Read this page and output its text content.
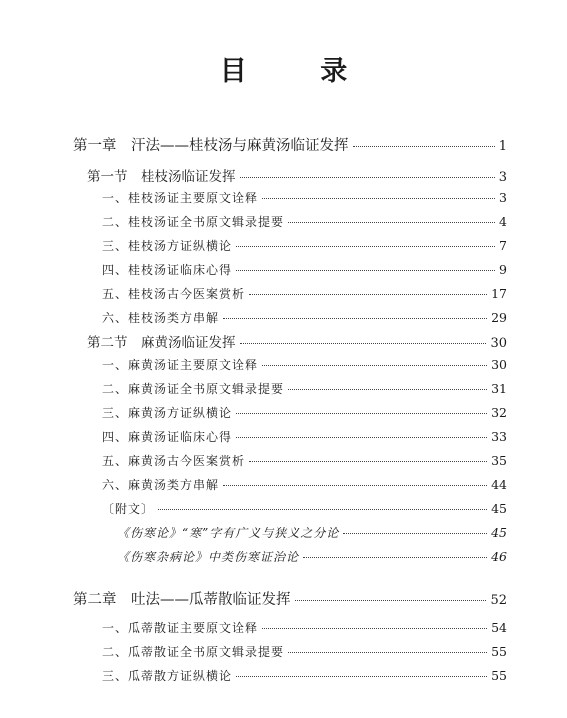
目 录
第一章　汗法——桂枝汤与麻黄汤临证发挥	1
第一节　桂枝汤临证发挥	3
一、桂枝汤证主要原文诠释	3
二、桂枝汤证全书原文辑录提要	4
三、桂枝汤方证纵横论	7
四、桂枝汤证临床心得	9
五、桂枝汤古今医案赏析	17
六、桂枝汤类方串解	29
第二节　麻黄汤临证发挥	30
一、麻黄汤证主要原文诠释	30
二、麻黄汤证全书原文辑录提要	31
三、麻黄汤方证纵横论	32
四、麻黄汤证临床心得	33
五、麻黄汤古今医案赏析	35
六、麻黄汤类方串解	44
〔附文〕	45
《伤寒论》“寒”字有广义与狭义之分论	45
《伤寒杂病论》中类伤寒证治论	46
第二章　吐法——瓜蒂散临证发挥	52
一、瓜蒂散证主要原文诠释	54
二、瓜蒂散证全书原文辑录提要	55
三、瓜蒂散方证纵横论	55
